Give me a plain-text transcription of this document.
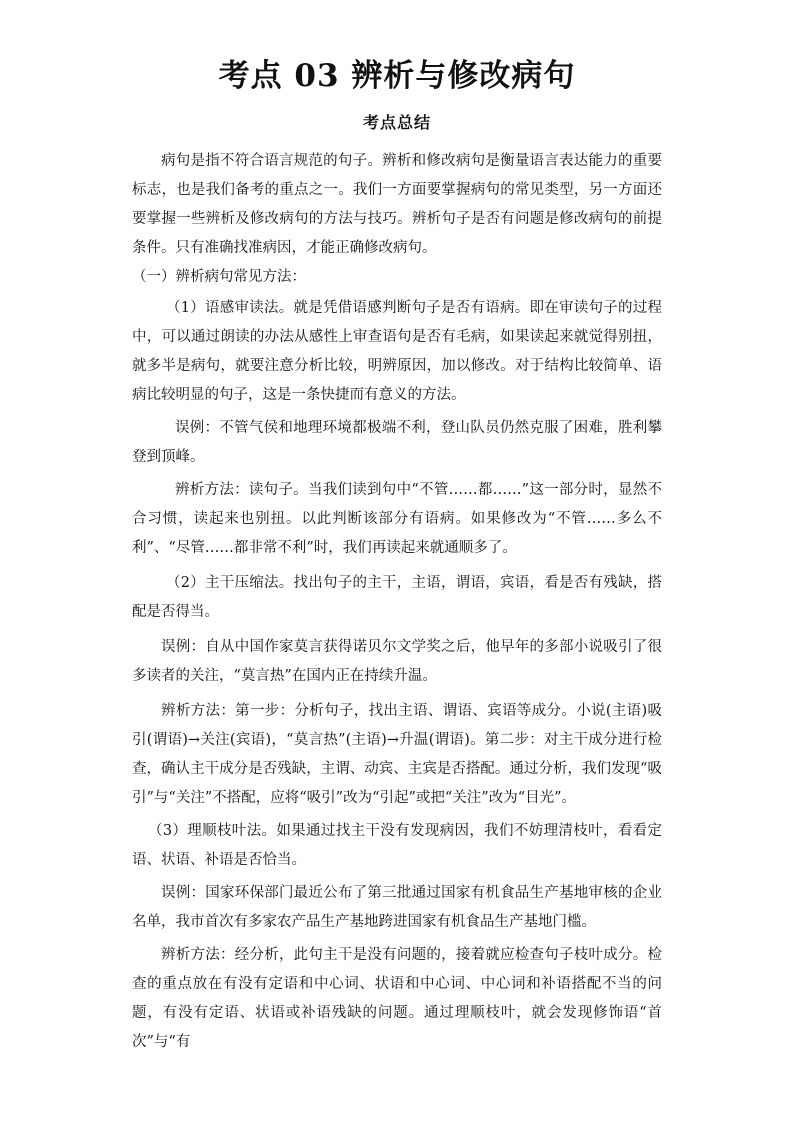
考点 03 辨析与修改病句
考点总结

病句是指不符合语言规范的句子。辨析和修改病句是衡量语言表达能力的重要标志，也是我们备考的重点之一。我们一方面要掌握病句的常见类型，另一方面还要掌握一些辨析及修改病句的方法与技巧。辨析句子是否有问题是修改病句的前提条件。只有准确找准病因，才能正确修改病句。

（一）辨析病句常见方法：

（1）语感审读法。就是凭借语感判断句子是否有语病。即在审读句子的过程中，可以通过朗读的办法从感性上审查语句是否有毛病，如果读起来就觉得别扭，就多半是病句，就要注意分析比较，明辨原因，加以修改。对于结构比较简单、语病比较明显的句子，这是一条快捷而有意义的方法。

误例：不管气侯和地理环境都极端不利，登山队员仍然克服了困难，胜利攀登到顶峰。

辨析方法：读句子。当我们读到句中“不管……都……”这一部分时，显然不合习惯，读起来也别扭。以此判断该部分有语病。如果修改为“不管……多么不利”、“尽管……都非常不利”时，我们再读起来就通顺多了。

（2）主干压缩法。找出句子的主干，主语，谓语，宾语，看是否有残缺，搭配是否得当。

误例：自从中国作家莫言获得诺贝尔文学奖之后，他早年的多部小说吸引了很多读者的关注，“莫言热”在国内正在持续升温。

辨析方法：第一步：分析句子，找出主语、谓语、宾语等成分。小说(主语)吸引(谓语)→关注(宾语)，“莫言热”(主语)→升温(谓语)。第二步：对主干成分进行检查，确认主干成分是否残缺，主谓、动宾、主宾是否搭配。通过分析，我们发现“吸引”与“关注”不搭配，应将“吸引”改为“引起”或把“关注”改为“目光”。

（3）理顺枝叶法。如果通过找主干没有发现病因，我们不妨理清枝叶，看看定语、状语、补语是否恰当。

误例：国家环保部门最近公布了第三批通过国家有机食品生产基地审核的企业名单，我市首次有多家农产品生产基地跨进国家有机食品生产基地门槛。

辨析方法：经分析，此句主干是没有问题的，接着就应检查句子枝叶成分。检查的重点放在有没有定语和中心词、状语和中心词、中心词和补语搭配不当的问题，有没有定语、状语或补语残缺的问题。通过理顺枝叶，就会发现修饰语“首次”与“有
